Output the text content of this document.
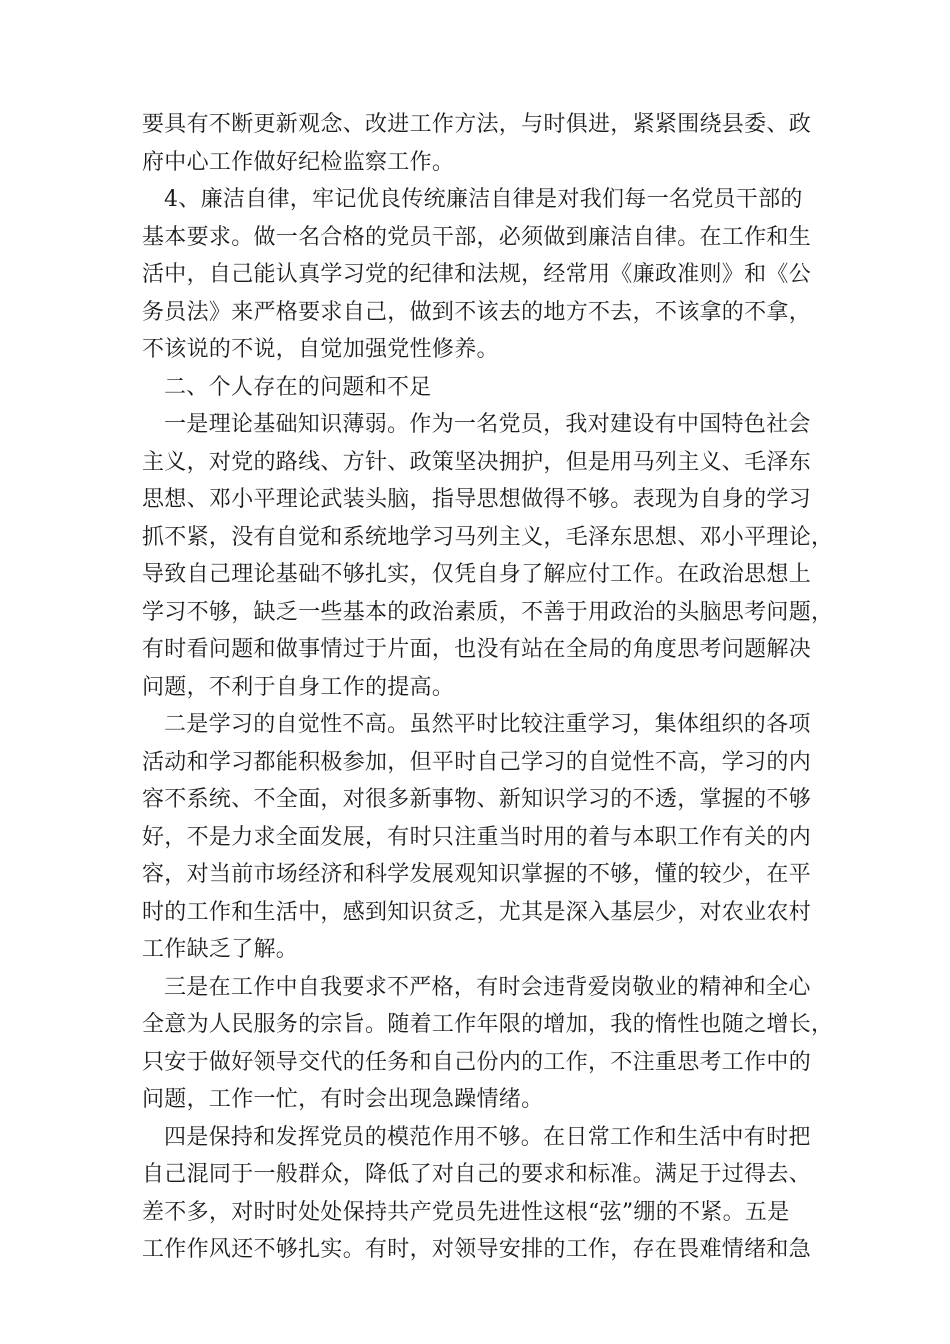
要具有不断更新观念、改进工作方法，与时俱进，紧紧围绕县委、政
府中心工作做好纪检监察工作。
4、廉洁自律，牢记优良传统廉洁自律是对我们每一名党员干部的
基本要求。做一名合格的党员干部，必须做到廉洁自律。在工作和生
活中，自己能认真学习党的纪律和法规，经常用《廉政准则》和《公
务员法》来严格要求自己，做到不该去的地方不去，不该拿的不拿，
不该说的不说，自觉加强党性修养。
二、个人存在的问题和不足
一是理论基础知识薄弱。作为一名党员，我对建设有中国特色社会
主义，对党的路线、方针、政策坚决拥护，但是用马列主义、毛泽东
思想、邓小平理论武装头脑，指导思想做得不够。表现为自身的学习
抓不紧，没有自觉和系统地学习马列主义，毛泽东思想、邓小平理论，
导致自己理论基础不够扎实，仅凭自身了解应付工作。在政治思想上
学习不够，缺乏一些基本的政治素质，不善于用政治的头脑思考问题，
有时看问题和做事情过于片面，也没有站在全局的角度思考问题解决
问题，不利于自身工作的提高。
二是学习的自觉性不高。虽然平时比较注重学习，集体组织的各项
活动和学习都能积极参加，但平时自己学习的自觉性不高，学习的内
容不系统、不全面，对很多新事物、新知识学习的不透，掌握的不够
好，不是力求全面发展，有时只注重当时用的着与本职工作有关的内
容，对当前市场经济和科学发展观知识掌握的不够，懂的较少，在平
时的工作和生活中，感到知识贫乏，尤其是深入基层少，对农业农村
工作缺乏了解。
三是在工作中自我要求不严格，有时会违背爱岗敬业的精神和全心
全意为人民服务的宗旨。随着工作年限的增加，我的惰性也随之增长，
只安于做好领导交代的任务和自己份内的工作，不注重思考工作中的
问题，工作一忙，有时会出现急躁情绪。
四是保持和发挥党员的模范作用不够。在日常工作和生活中有时把
自己混同于一般群众，降低了对自己的要求和标准。满足于过得去、
差不多，对时时处处保持共产党员先进性这根“弦”绷的不紧。五是
工作作风还不够扎实。有时，对领导安排的工作，存在畏难情绪和急
